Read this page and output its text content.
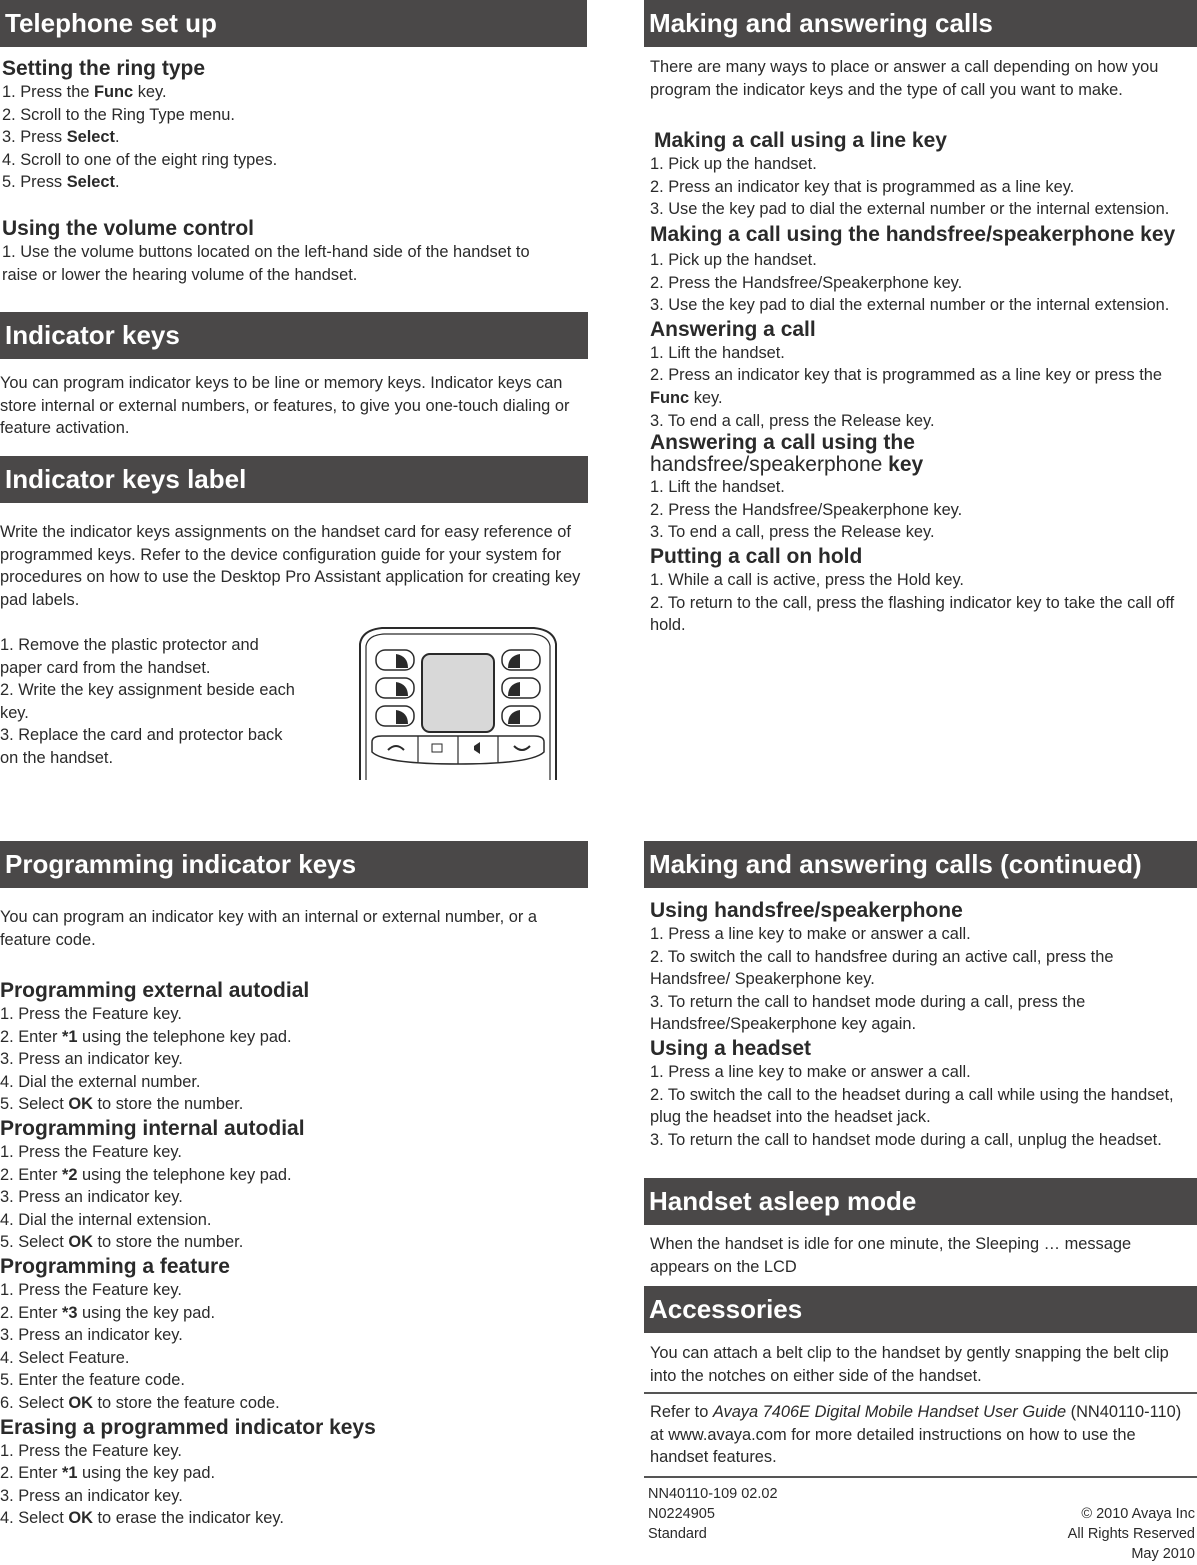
Telephone set up
Setting the ring type

1. Press the Func key.

2. Scroll to the Ring Type menu.

3. Press Select.

4. Scroll to one of the eight ring types.

5. Press Select.

Using the volume control

1. Use the volume buttons located on the left-hand side of the handset to raise or lower the hearing volume of the handset.

Indicator keys
You can program indicator keys to be line or memory keys. Indicator keys can store internal or external numbers, or features, to give you one-touch dialing or feature activation.
Indicator keys label
Write the indicator keys assignments on the handset card for easy reference of programmed keys. Refer to the device configuration guide for your system for procedures on how to use the Desktop Pro Assistant application for creating key pad labels.

1. Remove the plastic protector and paper card from the handset.

2. Write the key assignment beside each key.

3. Replace the card and protector back on the handset.

Programming indicator keys
You can program an indicator key with an internal or external number, or a feature code.
Programming external autodial

1. Press the Feature key.

2. Enter *1 using the telephone key pad.

3. Press an indicator key.

4. Dial the external number.

5. Select OK to store the number.

Programming internal autodial

1. Press the Feature key.

2. Enter *2 using the telephone key pad.

3. Press an indicator key.

4. Dial the internal extension.

5. Select OK to store the number.

Programming a feature

1. Press the Feature key.

2. Enter *3 using the key pad.

3. Press an indicator key.

4. Select Feature.

5. Enter the feature code.

6. Select OK to store the feature code.

Erasing a programmed indicator keys

1. Press the Feature key.

2. Enter *1 using the key pad.

3. Press an indicator key.

4. Select OK to erase the indicator key.

Making and answering calls

There are many ways to place or answer a call depending on how you program the indicator keys and the type of call you want to make.

Making a call using a line key

1. Pick up the handset.

2. Press an indicator key that is programmed as a line key.

3. Use the key pad to dial the external number or the internal extension.

Making a call using the handsfree/speakerphone key

1. Pick up the handset.

2. Press the Handsfree/Speakerphone key.

3. Use the key pad to dial the external number or the internal extension.

Answering a call

1. Lift the handset.

2. Press an indicator key that is programmed as a line key or press the Func key.

3. To end a call, press the Release key.

Answering a call using the
handsfree/speakerphone key

1. Lift the handset.

2. Press the Handsfree/Speakerphone key.

3. To end a call, press the Release key.

Putting a call on hold

1. While a call is active, press the Hold key.

2. To return to the call, press the flashing indicator key to take the call off hold.

Making and answering calls (continued)
Using handsfree/speakerphone

1. Press a line key to make or answer a call.

2. To switch the call to handsfree during an active call, press the Handsfree/ Speakerphone key.

3. To return the call to handset mode during a call, press the Handsfree/Speakerphone key again.

Using a headset

1. Press a line key to make or answer a call.

2. To switch the call to the headset during a call while using the handset, plug the headset into the headset jack.

3. To return the call to handset mode during a call, unplug the headset.

Handset asleep mode
When the handset is idle for one minute, the Sleeping … message appears on the LCD
Accessories
You can attach a belt clip to the handset by gently snapping the belt clip into the notches on either side of the handset.
Refer to Avaya 7406E Digital Mobile Handset User Guide (NN40110-110) at www.avaya.com for more detailed instructions on how to use the handset features.
NN40110-109 02.02
N0224905
Standard
© 2010 Avaya Inc
All Rights Reserved
May 2010
